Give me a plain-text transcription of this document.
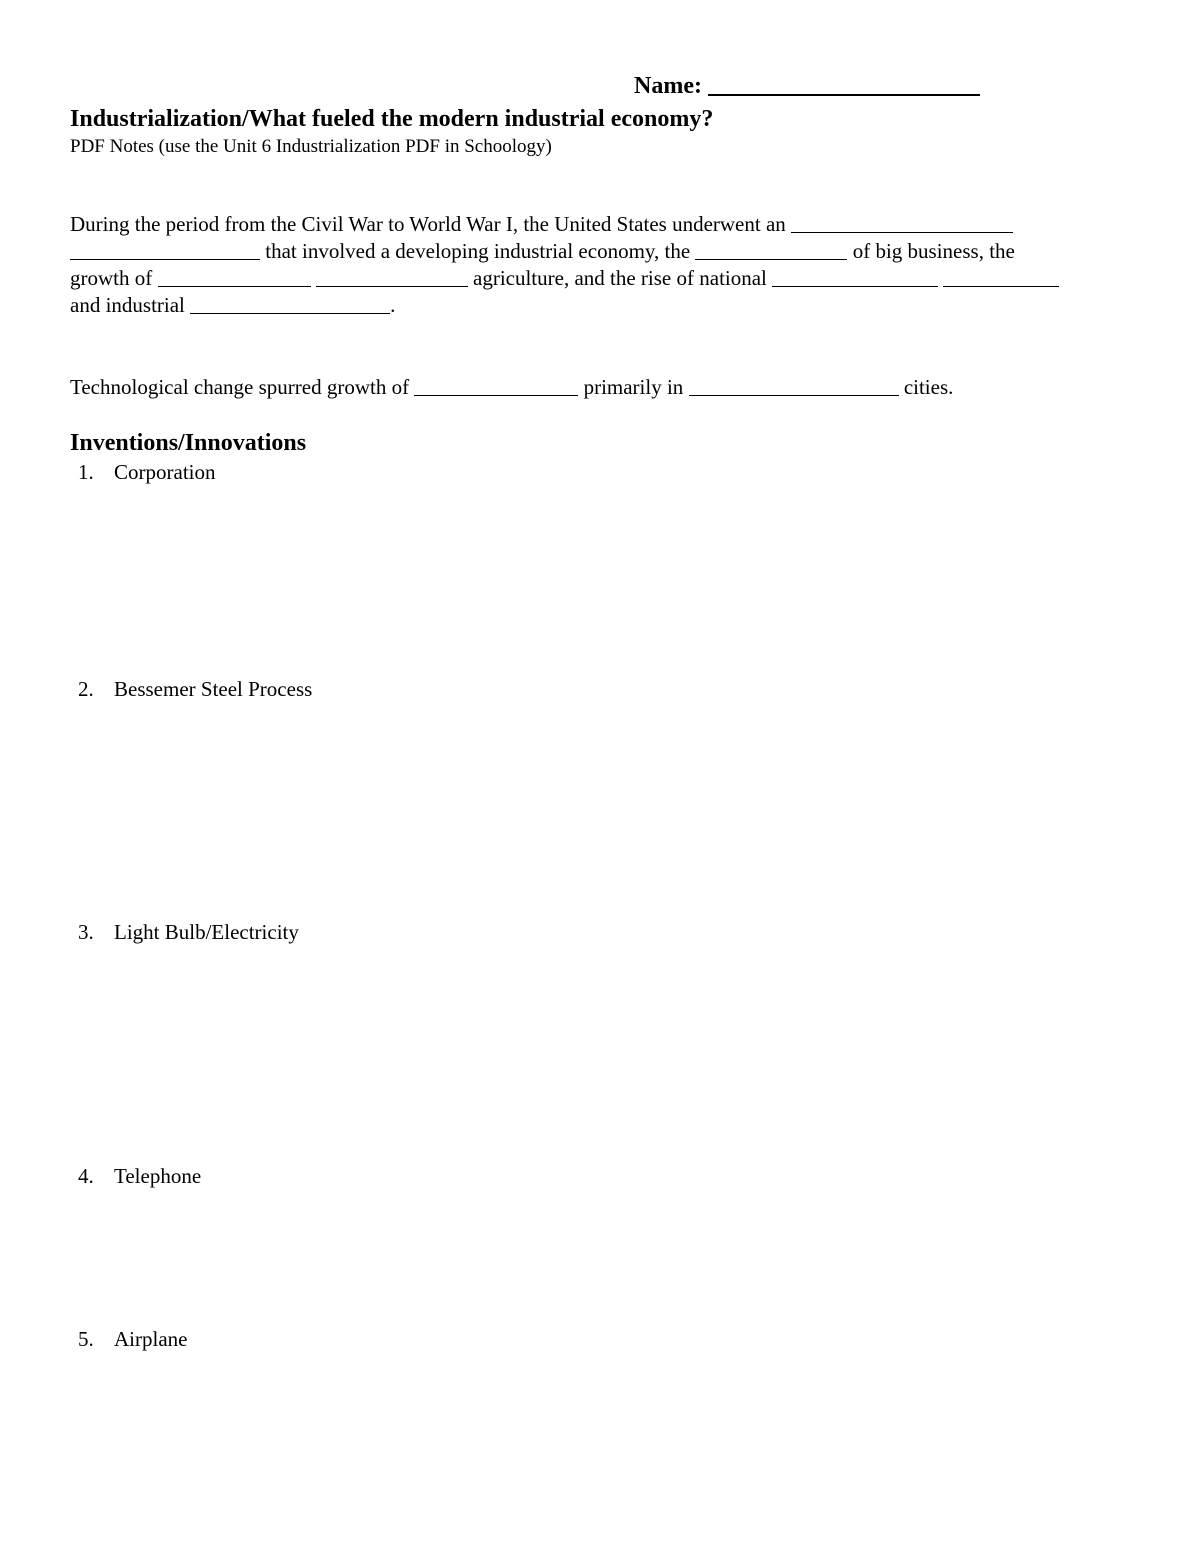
Name:
Industrialization/What fueled the modern industrial economy?
PDF Notes (use the Unit 6 Industrialization PDF in Schoology)
During the period from the Civil War to World War I, the United States underwent an
that involved a developing industrial economy, the	of big business, the
growth of	agriculture, and the rise of national
and industrial	.
Technological change spurred growth of	primarily in	cities.
Inventions/Innovations
1. Corporation
2. Bessemer Steel Process
3. Light Bulb/Electricity
4. Telephone
5. Airplane
